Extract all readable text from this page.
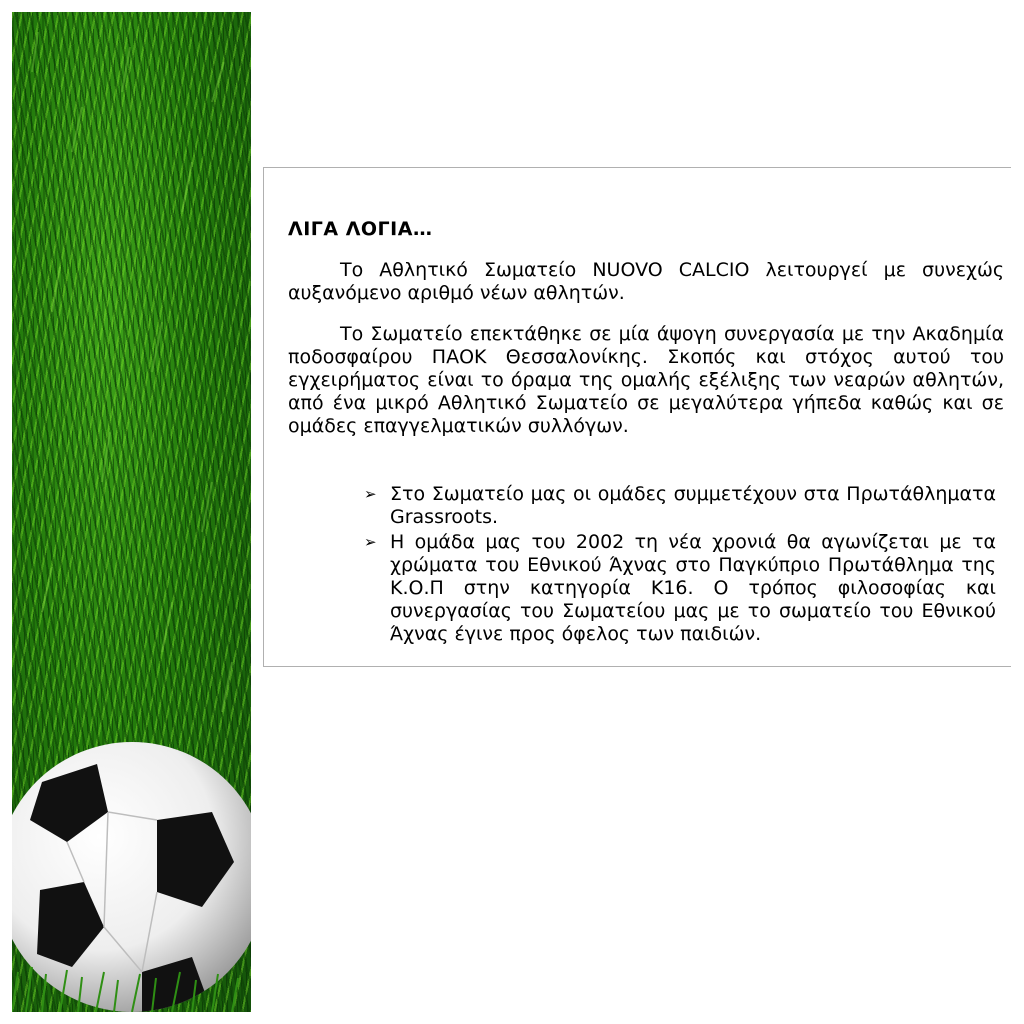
ΛΙΓΑ ΛΟΓΙΑ…

Το Αθλητικό Σωματείο NUOVO CALCIO λειτουργεί με συνεχώς αυξανόμενο αριθμό νέων αθλητών.

Το Σωματείο επεκτάθηκε σε μία άψογη συνεργασία με την Ακαδημία ποδοσφαίρου ΠΑΟΚ Θεσσαλονίκης. Σκοπός και στόχος αυτού του εγχειρήματος είναι το όραμα της ομαλής εξέλιξης των νεαρών αθλητών, από ένα μικρό Αθλητικό Σωματείο σε μεγαλύτερα γήπεδα καθώς και σε ομάδες επαγγελματικών συλλόγων.

➢ Στο Σωματείο μας οι ομάδες συμμετέχουν στα Πρωτάθληματα Grassroots.
➢ Η ομάδα μας του 2002 τη νέα χρονιά θα αγωνίζεται με τα χρώματα του Εθνικού Άχνας στο Παγκύπριο Πρωτάθλημα της Κ.Ο.Π στην κατηγορία Κ16. Ο τρόπος φιλοσοφίας και συνεργασίας του Σωματείου μας με το σωματείο του Εθνικού Άχνας έγινε προς όφελος των παιδιών.
